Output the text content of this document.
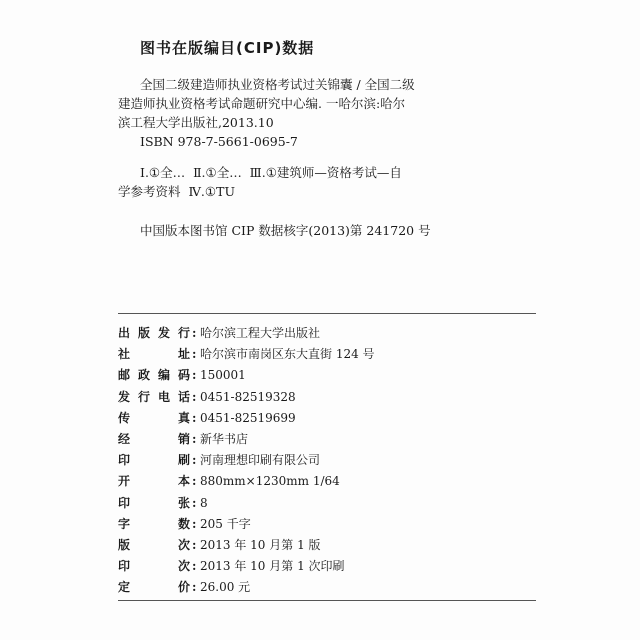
图书在版编目(CIP)数据

全国二级建造师执业资格考试过关锦囊 / 全国二级

建造师执业资格考试命题研究中心编. 一哈尔滨:哈尔

滨工程大学出版社,2013.10

ISBN 978-7-5661-0695-7

Ⅰ.①全…  Ⅱ.①全…  Ⅲ.①建筑师—资格考试—自

学参考资料  Ⅳ.①TU

中国版本图书馆 CIP 数据核字(2013)第 241720 号

出版发行 : 哈尔滨工程大学出版社
社址 : 哈尔滨市南岗区东大直街 124 号
邮政编码 : 150001
发行电话 : 0451-82519328
传真 : 0451-82519699
经销 : 新华书店
印刷 : 河南理想印刷有限公司
开本 : 880mm×1230mm 1/64
印张 : 8
字数 : 205 千字
版次 : 2013 年 10 月第 1 版
印次 : 2013 年 10 月第 1 次印刷
定价 : 26.00 元
